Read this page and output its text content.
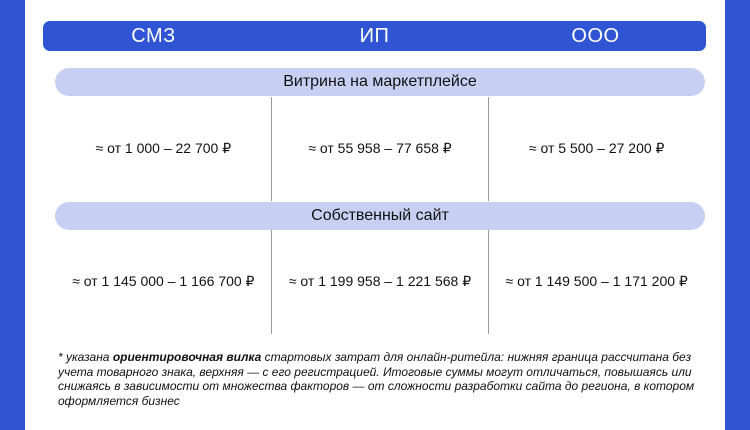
СМЗ	ИП	ООО
Витрина на маркетплейсе
≈ от 1 000 – 22 700 ₽	≈ от 55 958 – 77 658 ₽	≈ от 5 500 – 27 200 ₽
Собственный сайт
≈ от 1 145 000 – 1 166 700 ₽	≈ от 1 199 958 – 1 221 568 ₽	≈ от 1 149 500 – 1 171 200 ₽
* указана ориентировочная вилка стартовых затрат для онлайн-ритейла: нижняя граница рассчитана без учета товарного знака, верхняя — с его регистрацией. Итоговые суммы могут отличаться, повышаясь или снижаясь в зависимости от множества факторов — от сложности разработки сайта до региона, в котором оформляется бизнес
